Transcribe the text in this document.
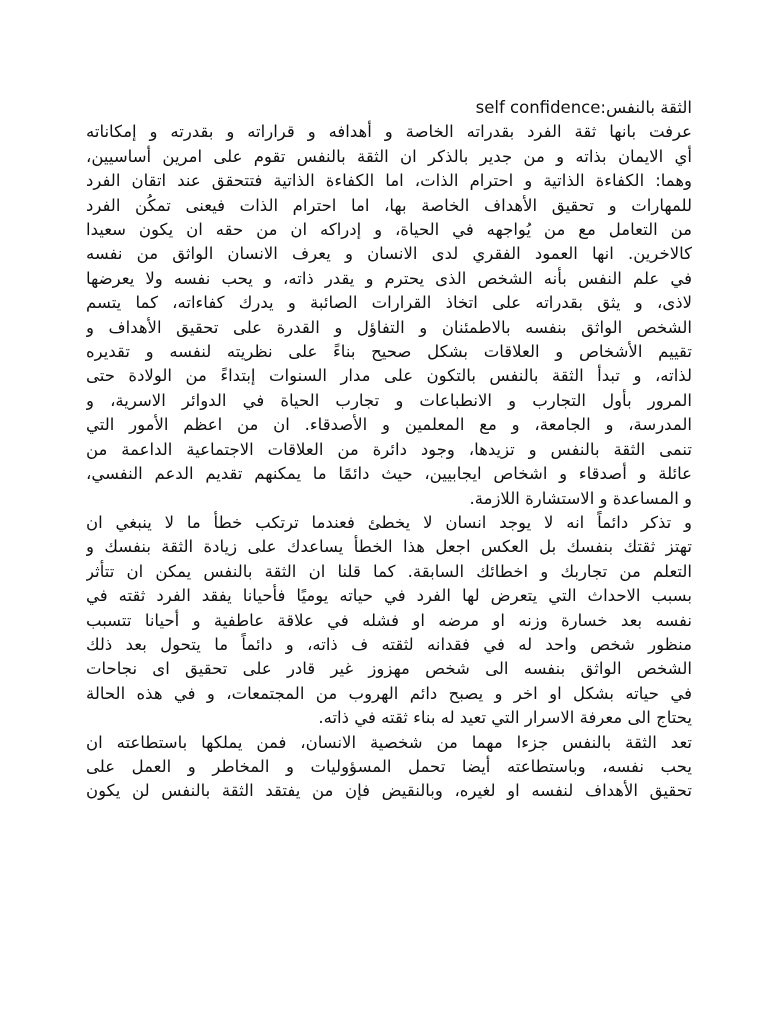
الثقة بالنفس:self confidence
عرفت بانها ثقة الفرد بقدراته الخاصة و أهدافه و قراراته و بقدرته و إمكاناته
أي الايمان بذاته و من جدير بالذكر ان الثقة بالنفس تقوم على امرين أساسيين،
وهما: الكفاءة الذاتية و احترام الذات، اما الكفاءة الذاتية فتتحقق عند اتقان الفرد
للمهارات و تحقيق الأهداف الخاصة بها، اما احترام الذات فيعنى تمكُن الفرد
من التعامل مع من يُواجهه في الحياة، و إدراكه ان من حقه ان يكون سعيدا
كالاخرين. انها العمود الفقري لدى الانسان و يعرف الانسان الواثق من نفسه
في علم النفس بأنه الشخص الذى يحترم و يقدر ذاته، و يحب نفسه ولا يعرضها
لاذى، و يثق بقدراته على اتخاذ القرارات الصائبة و يدرك كفاءاته، كما يتسم
الشخص الواثق بنفسه بالاطمئنان و التفاؤل و القدرة على تحقيق الأهداف و
تقييم الأشخاص و العلاقات بشكل صحيح بناءً على نظريته لنفسه و تقديره
لذاته، و تبدأ الثقة بالنفس بالتكون على مدار السنوات إبتداءً من الولادة حتى
المرور بأول التجارب و الانطباعات و تجارب الحياة في الدوائر الاسرية، و
المدرسة، و الجامعة، و مع المعلمين و الأصدقاء. ان من اعظم الأمور التي
تنمى الثقة بالنفس و تزيدها، وجود دائرة من العلاقات الاجتماعية الداعمة من
عائلة و أصدقاء و اشخاص ايجابيين، حيث دائمًا ما يمكنهم تقديم الدعم النفسي،
و المساعدة و الاستشارة اللازمة.
و تذكر دائماً انه لا يوجد انسان لا يخطئ فعندما ترتكب خطأ ما لا ينبغي ان
تهتز ثقتك بنفسك بل العكس اجعل هذا الخطأ يساعدك على زيادة الثقة بنفسك و
التعلم من تجاربك و اخطائك السابقة. كما قلنا ان الثقة بالنفس يمكن ان تتأثر
بسبب الاحداث التي يتعرض لها الفرد في حياته يوميًا فأحيانا يفقد الفرد ثقته في
نفسه بعد خسارة وزنه او مرضه او فشله في علاقة عاطفية و أحيانا تتسبب
منظور شخص واحد له في فقدانه لثقته ف ذاته، و دائماً ما يتحول بعد ذلك
الشخص الواثق بنفسه الى شخص مهزوز غير قادر على تحقيق اى نجاحات
في حياته بشكل او اخر و يصبح دائم الهروب من المجتمعات، و في هذه الحالة
يحتاج الى معرفة الاسرار التي تعيد له بناء ثقته في ذاته.
تعد الثقة بالنفس جزءا مهما من شخصية الانسان، فمن يملكها باستطاعته ان
يحب نفسه، وباستطاعته أيضا تحمل المسؤوليات و المخاطر و العمل على
تحقيق الأهداف لنفسه او لغيره، وبالنقيض فإن من يفتقد الثقة بالنفس لن يكون
